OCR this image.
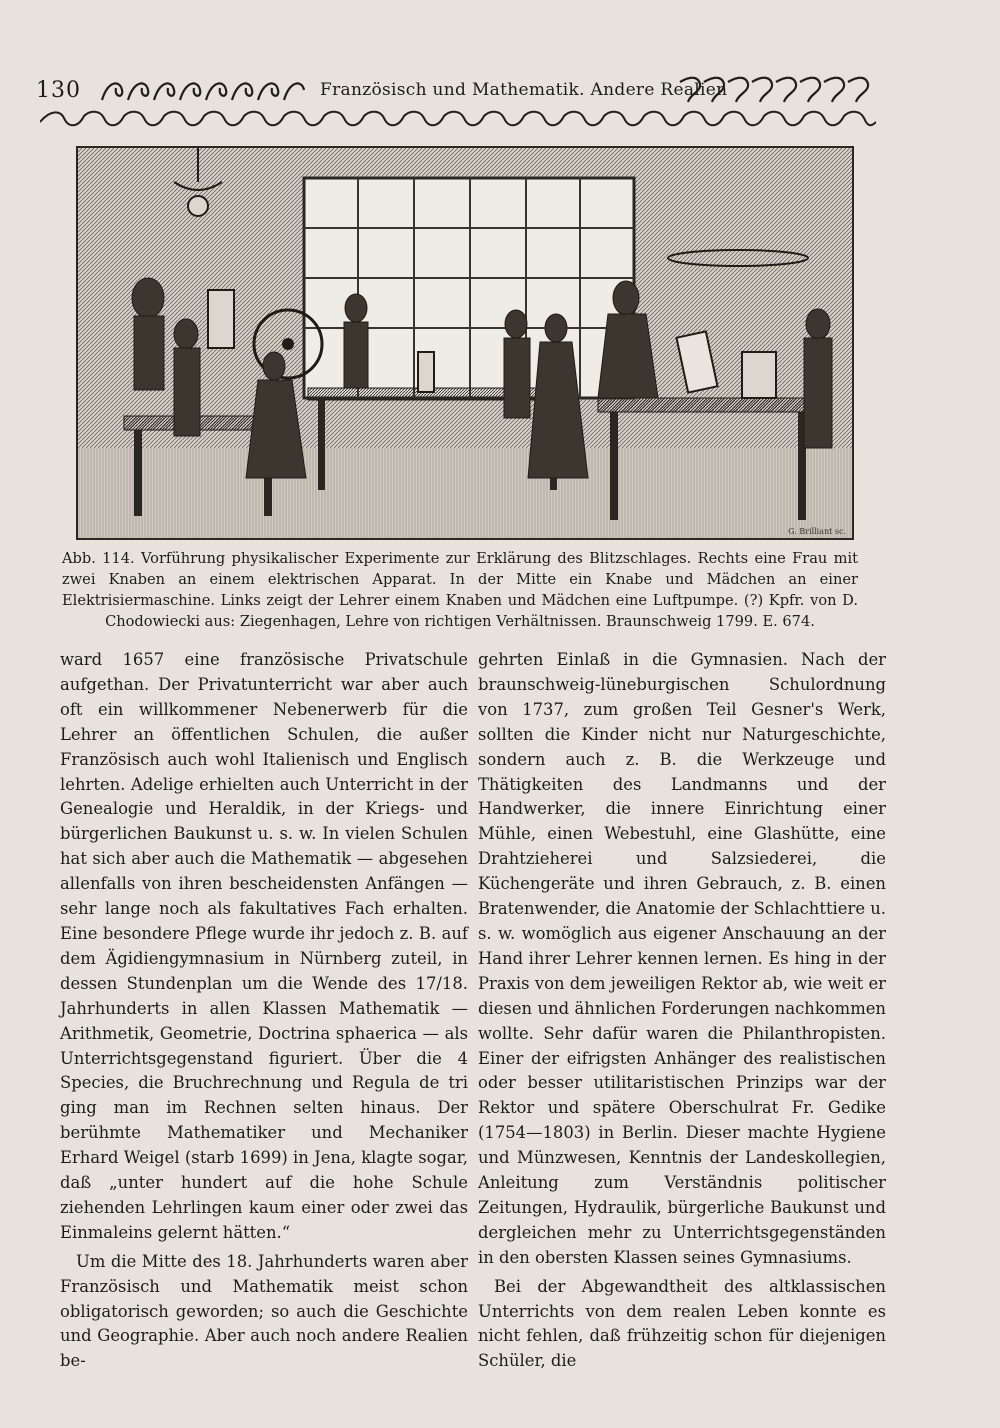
130	Französisch und Mathematik. Andere Realien
G. Brilliant sc.
Abb. 114. Vorführung physikalischer Experimente zur Erklärung des Blitzschlages. Rechts eine Frau mit zwei Knaben an einem elektrischen Apparat. In der Mitte ein Knabe und Mädchen an einer Elektrisiermaschine. Links zeigt der Lehrer einem Knaben und Mädchen eine Luftpumpe. (?) Kpfr. von D. Chodowiecki aus: Ziegenhagen, Lehre von richtigen Verhältnissen. Braunschweig 1799. E. 674.

ward 1657 eine französische Privatschule aufgethan. Der Privatunterricht war aber auch oft ein willkommener Nebenerwerb für die Lehrer an öffentlichen Schulen, die außer Französisch auch wohl Italienisch und Englisch lehrten. Adelige erhielten auch Unterricht in der Genealogie und Heraldik, in der Kriegs- und bürgerlichen Baukunst u. s. w. In vielen Schulen hat sich aber auch die Mathematik — abgesehen allenfalls von ihren bescheidensten Anfängen — sehr lange noch als fakultatives Fach erhalten. Eine besondere Pflege wurde ihr jedoch z. B. auf dem Ägidiengymnasium in Nürnberg zuteil, in dessen Stundenplan um die Wende des 17/18. Jahrhunderts in allen Klassen Mathematik — Arithmetik, Geometrie, Doctrina sphaerica — als Unterrichtsgegenstand figuriert. Über die 4 Species, die Bruchrechnung und Regula de tri ging man im Rechnen selten hinaus. Der berühmte Mathematiker und Mechaniker Erhard Weigel (starb 1699) in Jena, klagte sogar, daß „unter hundert auf die hohe Schule ziehenden Lehrlingen kaum einer oder zwei das Einmaleins gelernt hätten.“

Um die Mitte des 18. Jahrhunderts waren aber Französisch und Mathematik meist schon obligatorisch geworden; so auch die Geschichte und Geographie. Aber auch noch andere Realien be-

gehrten Einlaß in die Gymnasien. Nach der braunschweig-lüneburgischen Schulordnung von 1737, zum großen Teil Gesner's Werk, sollten die Kinder nicht nur Naturgeschichte, sondern auch z. B. die Werkzeuge und Thätigkeiten des Landmanns und der Handwerker, die innere Einrichtung einer Mühle, einen Webestuhl, eine Glashütte, eine Drahtzieherei und Salzsiederei, die Küchengeräte und ihren Gebrauch, z. B. einen Bratenwender, die Anatomie der Schlachttiere u. s. w. womöglich aus eigener Anschauung an der Hand ihrer Lehrer kennen lernen. Es hing in der Praxis von dem jeweiligen Rektor ab, wie weit er diesen und ähnlichen Forderungen nachkommen wollte. Sehr dafür waren die Philanthropisten. Einer der eifrigsten Anhänger des realistischen oder besser utilitaristischen Prinzips war der Rektor und spätere Oberschulrat Fr. Gedike (1754—1803) in Berlin. Dieser machte Hygiene und Münzwesen, Kenntnis der Landeskollegien, Anleitung zum Verständnis politischer Zeitungen, Hydraulik, bürgerliche Baukunst und dergleichen mehr zu Unterrichtsgegenständen in den obersten Klassen seines Gymnasiums.

Bei der Abgewandtheit des altklassischen Unterrichts von dem realen Leben konnte es nicht fehlen, daß frühzeitig schon für diejenigen Schüler, die
